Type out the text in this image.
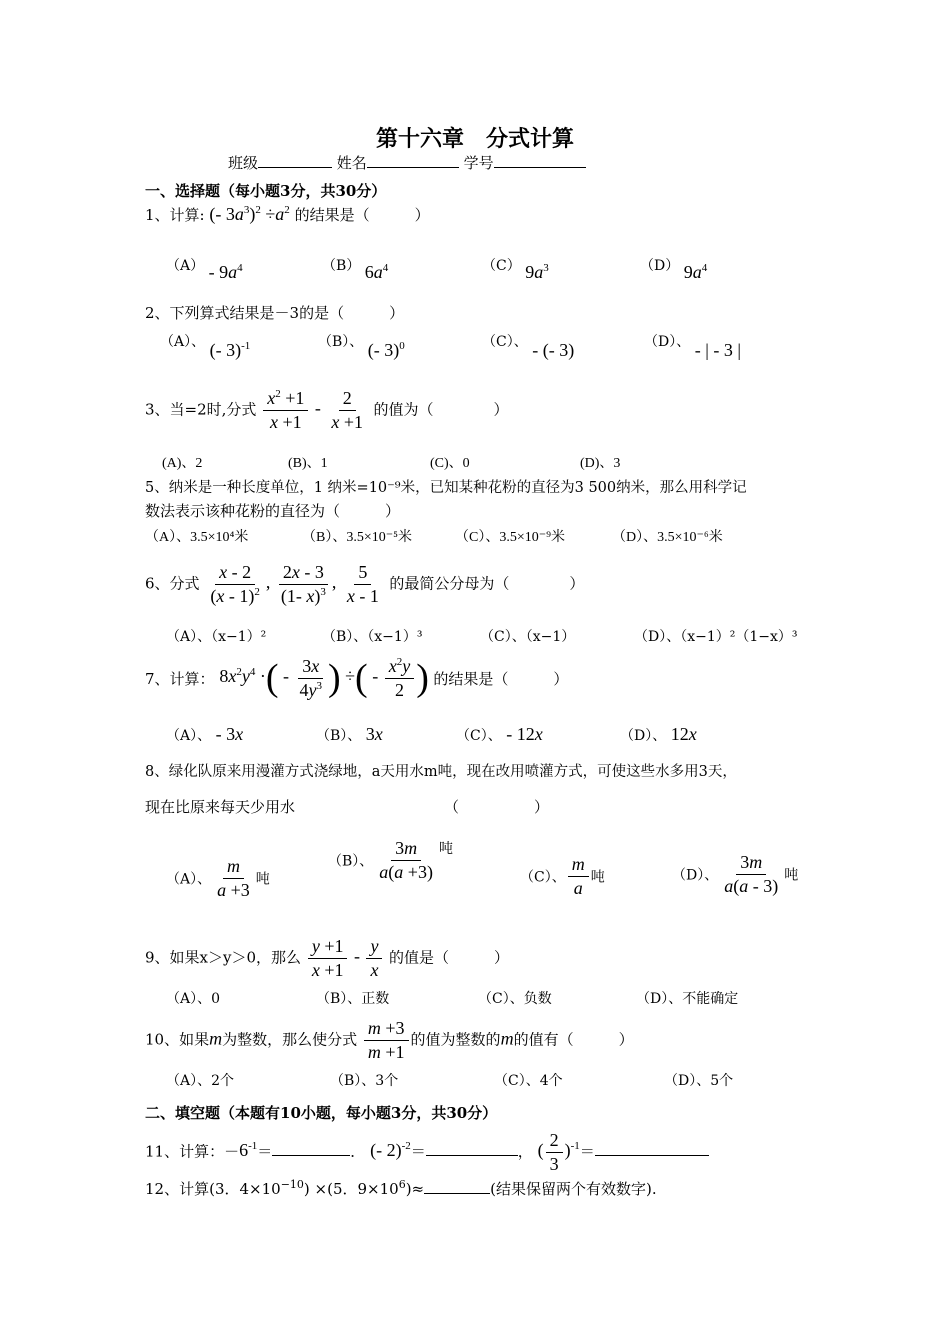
第十六章　分式计算
班级	姓名	学号
一、选择题（每小题3分，共30分）
1、计算: (- $3a^3)^2 \div a^2$ 的结果是（　　　）
$(A) - 9a^4$	（B） $6a^4$	（C） $9a^3$	（D） $9a^4$
2、下列算式结果是－3的是（　　　）
（A）、 (- 3)$^{-1}$	（B）、 (- 3)$^0$	（C）、 - (- 3)	（D）、 - | - 3 |
3、当=2时,分式 $\frac{x^2 +1}{x +1} - \frac{2}{x +1}$ 的值为（　　　　）
(A)、2	(B)、1	(C)、0	(D)、3
5、纳米是一种长度单位，1 纳米=10⁻⁹米，已知某种花粉的直径为3 500纳米，那么用科学记
数法表示该种花粉的直径为（　　　）
（A）、3.5×10⁴米	（B）、3.5×10⁻⁵米	（C）、3.5×10⁻⁹米	（D）、3.5×10⁻⁶米
6、分式 $\frac{x - 2}{(x - 1)^2}$ , $\frac{2x - 3}{(1- x)^3}$ , $\frac{5}{x - 1}$ 的最简公分母为（　　　　）
（A）、（x−1）²	（B）、（x−1）³	（C）、（x−1）	（D）、（x−1）²（1−x）³
7、计算： $8x^2y^4$ ·( - $\frac{3x}{4y^3}$ ) ÷( - $\frac{x^2y}{2}$ ) 的结果是（　　　）
（A）、 - 3x	（B）、 3x	（C）、 - 12x	（D）、 12x
8、绿化队原来用漫灌方式浇绿地，a天用水m吨，现在改用喷灌方式，可使这些水多用3天，
现在比原来每天少用水	（　　　　　）
（A）、 $\frac{m}{a +3}$ 吨
（B）、 $\frac{3m}{a(a +3)}$ 吨
（C）、 $\frac{m}{a}$ 吨	（D）、 $\frac{3m}{a(a - 3)}$ 吨
9、如果x＞y＞0，那么 $\frac{y +1}{x +1} - \frac{y}{x}$ 的值是（　　　）
（A）、0	（B）、正数	（C）、负数	（D）、不能确定
10、如果m为整数，那么使分式 $\frac{m +3}{m +1}$ 的值为整数的m的值有（　　　）
（A）、2个	（B）、3个	（C）、4个	（D）、5个
二、填空题（本题有10小题，每小题3分，共30分）
11、计算：$-6^{-1}=$	． (- 2)$^{-2}$＝	， ( $\frac{2}{3} )^{-1}=$
12、计算(3．$4\times 10^{-10}) \times(5$．$9\times 10^6)\approx$	(结果保留两个有效数字).
